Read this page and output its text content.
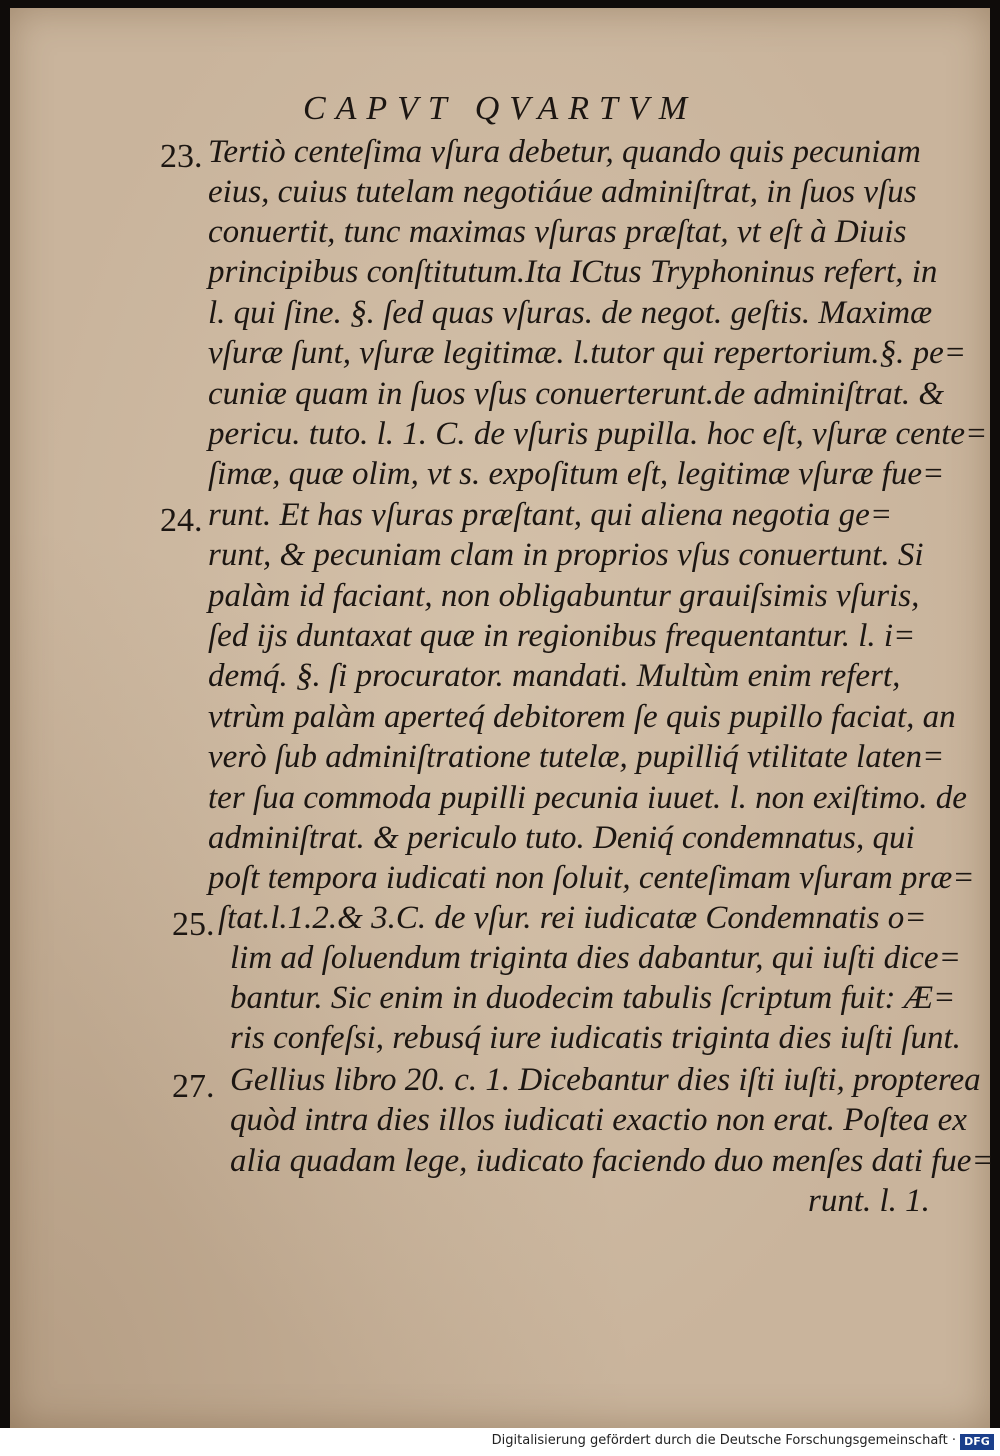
CAPVT QVARTVM
23.
24.
25.
27.
Tertiò centeſima vſura debetur, quando quis pecuniam
eius, cuius tutelam negotiáue adminiſtrat, in ſuos vſus
conuertit, tunc maximas vſuras præſtat, vt eſt à Diuis
principibus conſtitutum.Ita ICtus Tryphoninus refert, in
l. qui ſine. §. ſed quas vſuras. de negot. geſtis. Maximæ
vſuræ ſunt, vſuræ legitimæ. l.tutor qui repertorium.§. pe=
cuniæ quam in ſuos vſus conuerterunt.de adminiſtrat. &
pericu. tuto. l. 1. C. de vſuris pupilla. hoc eſt, vſuræ cente=
ſimæ, quæ olim, vt s. expoſitum eſt, legitimæ vſuræ fue=
runt. Et has vſuras præſtant, qui aliena negotia ge=
runt, & pecuniam clam in proprios vſus conuertunt. Si
palàm id faciant, non obligabuntur grauiſsimis vſuris,
ſed ijs duntaxat quæ in regionibus frequentantur. l. i=
demq́. §. ſi procurator. mandati. Multùm enim refert,
vtrùm palàm aperteq́ debitorem ſe quis pupillo faciat, an
verò ſub adminiſtratione tutelæ, pupilliq́ vtilitate laten=
ter ſua commoda pupilli pecunia iuuet. l. non exiſtimo. de
adminiſtrat. & periculo tuto. Deniq́ condemnatus, qui
poſt tempora iudicati non ſoluit, centeſimam vſuram præ=
ſtat.l.1.2.& 3.C. de vſur. rei iudicatæ Condemnatis o=
lim ad ſoluendum triginta dies dabantur, qui iuſti dice=
bantur. Sic enim in duodecim tabulis ſcriptum fuit: Æ=
ris confeſsi, rebusq́ iure iudicatis triginta dies iuſti ſunt.
Gellius libro 20. c. 1. Dicebantur dies iſti iuſti, propterea
quòd intra dies illos iudicati exactio non erat. Poſtea ex
alia quadam lege, iudicato faciendo duo menſes dati fue=
runt. l. 1.
Digitalisierung gefördert durch die Deutsche Forschungsgemeinschaft · DFG
